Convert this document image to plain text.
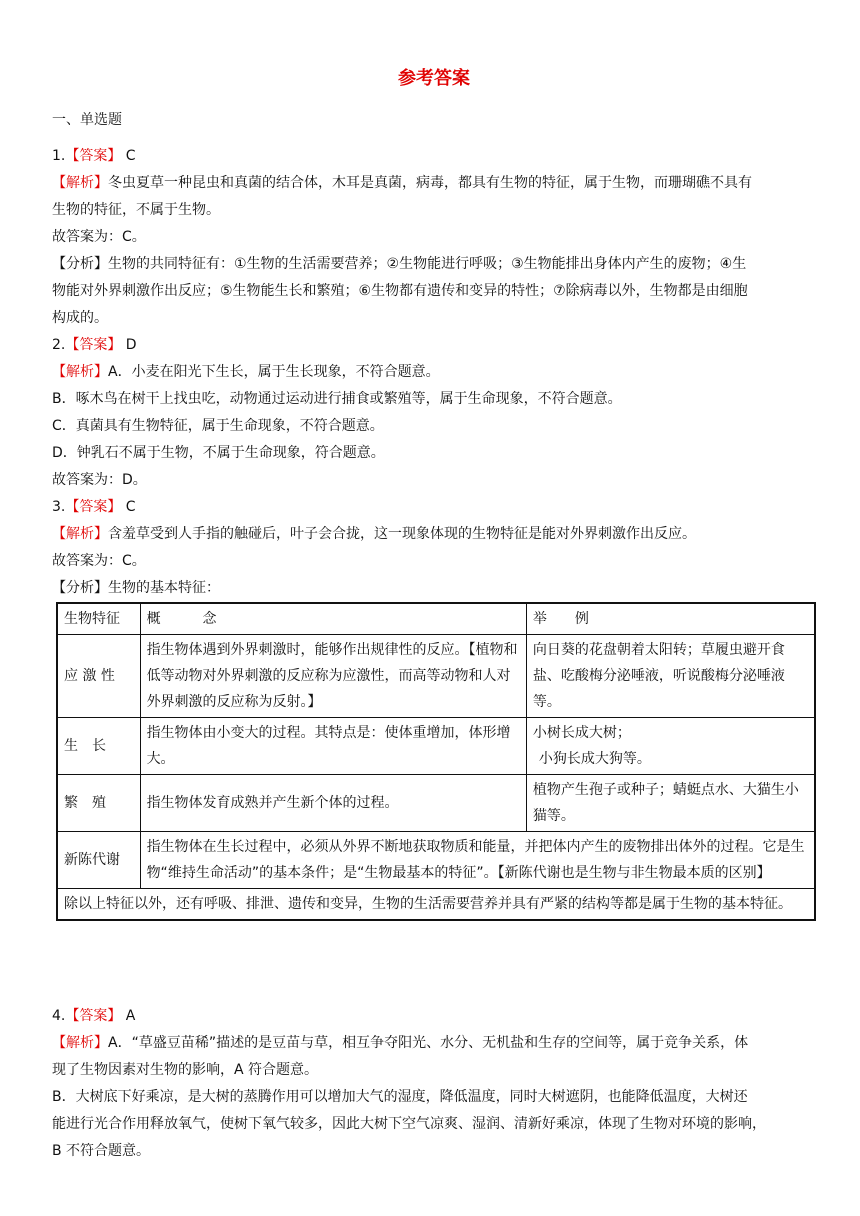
参考答案
一、单选题
1.【答案】 C
【解析】冬虫夏草一种昆虫和真菌的结合体，木耳是真菌，病毒，都具有生物的特征，属于生物，而珊瑚礁不具有
生物的特征，不属于生物。
故答案为：C。
【分析】生物的共同特征有：①生物的生活需要营养；②生物能进行呼吸；③生物能排出身体内产生的废物；④生
物能对外界刺激作出反应；⑤生物能生长和繁殖；⑥生物都有遗传和变异的特性；⑦除病毒以外，生物都是由细胞
构成的。
2.【答案】 D
【解析】A．小麦在阳光下生长，属于生长现象，不符合题意。
B．啄木鸟在树干上找虫吃，动物通过运动进行捕食或繁殖等，属于生命现象，不符合题意。
C．真菌具有生物特征，属于生命现象，不符合题意。
D．钟乳石不属于生物，不属于生命现象，符合题意。
故答案为：D。
3.【答案】 C
【解析】含羞草受到人手指的触碰后，叶子会合拢，这一现象体现的生物特征是能对外界刺激作出反应。
故答案为：C。
【分析】生物的基本特征：
生物特征	概　　　念	举　　例
应 激 性	指生物体遇到外界刺激时，能够作出规律性的反应。【植物和低等动物对外界刺激的反应称为应激性，而高等动物和人对外界刺激的反应称为反射。】	向日葵的花盘朝着太阳转；草履虫避开食盐、吃酸梅分泌唾液，听说酸梅分泌唾液等。
生　长	指生物体由小变大的过程。其特点是：使体重增加，体形增大。	小树长成大树；
小狗长成大狗等。

繁　殖	指生物体发育成熟并产生新个体的过程。	植物产生孢子或种子；蜻蜓点水、大猫生小猫等。
新陈代谢	指生物体在生长过程中，必须从外界不断地获取物质和能量，并把体内产生的废物排出体外的过程。它是生物“维持生命活动”的基本条件；是“生物最基本的特征”。【新陈代谢也是生物与非生物最本质的区别】	
除以上特征以外，还有呼吸、排泄、遗传和变异，生物的生活需要营养并具有严紧的结构等都是属于生物的基本特征。		
4.【答案】 A
【解析】A．“草盛豆苗稀”描述的是豆苗与草，相互争夺阳光、水分、无机盐和生存的空间等，属于竞争关系，体
现了生物因素对生物的影响，A 符合题意。
B．大树底下好乘凉，是大树的蒸腾作用可以增加大气的湿度，降低温度，同时大树遮阴，也能降低温度，大树还
能进行光合作用释放氧气，使树下氧气较多，因此大树下空气凉爽、湿润、清新好乘凉，体现了生物对环境的影响，
B 不符合题意。
